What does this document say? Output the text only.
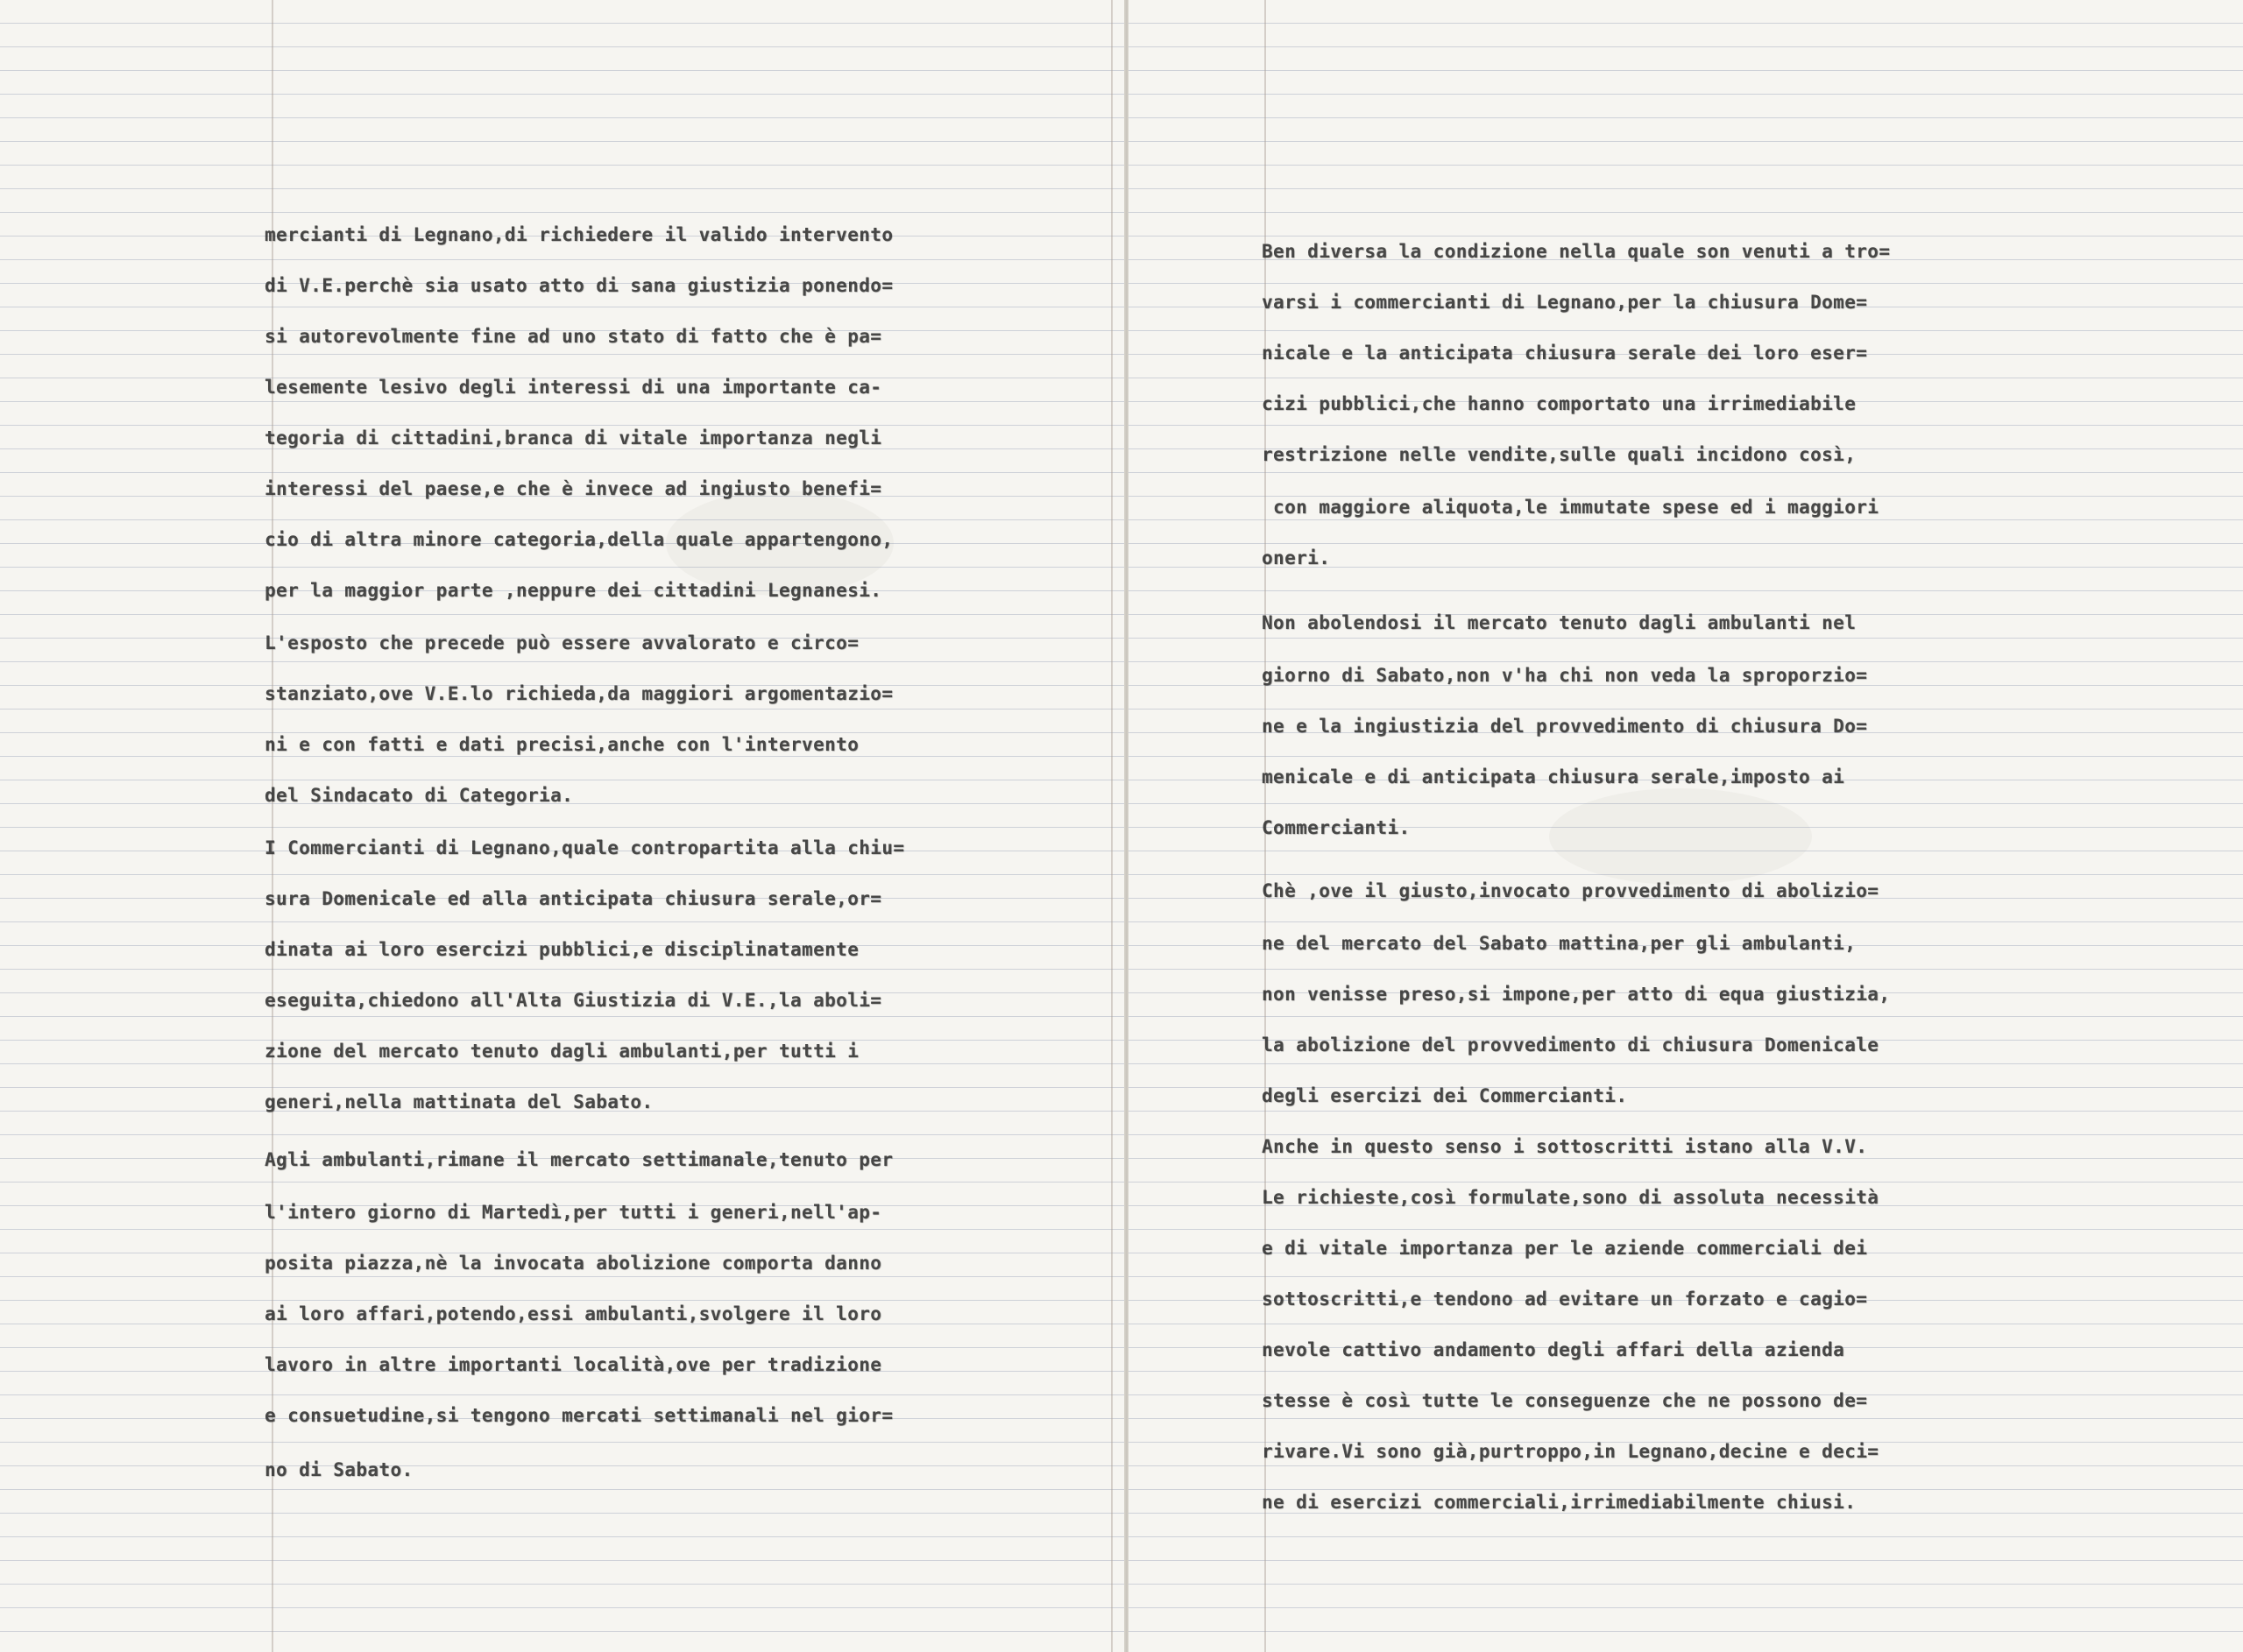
mercianti di Legnano,di richiedere il valido intervento
di V.E.perchè sia usato atto di sana giustizia ponendo=
si autorevolmente fine ad uno stato di fatto che è pa=
lesemente lesivo degli interessi di una importante ca-
tegoria di cittadini,branca di vitale importanza negli
interessi del paese,e che è invece ad ingiusto benefi=
cio di altra minore categoria,della quale appartengono,
per la maggior parte ,neppure dei cittadini Legnanesi.
L'esposto che precede può essere avvalorato e circo=
stanziato,ove V.E.lo richieda,da maggiori argomentazio=
ni e con fatti e dati precisi,anche con l'intervento
del Sindacato di Categoria.
I Commercianti di Legnano,quale contropartita alla chiu=
sura Domenicale ed alla anticipata chiusura serale,or=
dinata ai loro esercizi pubblici,e disciplinatamente
eseguita,chiedono all'Alta Giustizia di V.E.,la aboli=
zione del mercato tenuto dagli ambulanti,per tutti i
generi,nella mattinata del Sabato.
Agli ambulanti,rimane il mercato settimanale,tenuto per
l'intero giorno di Martedì,per tutti i generi,nell'ap-
posita piazza,nè la invocata abolizione comporta danno
ai loro affari,potendo,essi ambulanti,svolgere il loro
lavoro in altre importanti località,ove per tradizione
e consuetudine,si tengono mercati settimanali nel gior=
no di Sabato.
Ben diversa la condizione nella quale son venuti a tro=
varsi i commercianti di Legnano,per la chiusura Dome=
nicale e la anticipata chiusura serale dei loro eser=
cizi pubblici,che hanno comportato una irrimediabile
restrizione nelle vendite,sulle quali incidono così,
con maggiore aliquota,le immutate spese ed i maggiori
oneri.
Non abolendosi il mercato tenuto dagli ambulanti nel
giorno di Sabato,non v'ha chi non veda la sproporzio=
ne e la ingiustizia del provvedimento di chiusura Do=
menicale e di anticipata chiusura serale,imposto ai
Commercianti.
Chè ,ove il giusto,invocato provvedimento di abolizio=
ne del mercato del Sabato mattina,per gli ambulanti,
non venisse preso,si impone,per atto di equa giustizia,
la abolizione del provvedimento di chiusura Domenicale
degli esercizi dei Commercianti.
Anche in questo senso i sottoscritti istano alla V.V.
Le richieste,così formulate,sono di assoluta necessità
e di vitale importanza per le aziende commerciali dei
sottoscritti,e tendono ad evitare un forzato e cagio=
nevole cattivo andamento degli affari della azienda
stesse è così tutte le conseguenze che ne possono de=
rivare.Vi sono già,purtroppo,in Legnano,decine e deci=
ne di esercizi commerciali,irrimediabilmente chiusi.
